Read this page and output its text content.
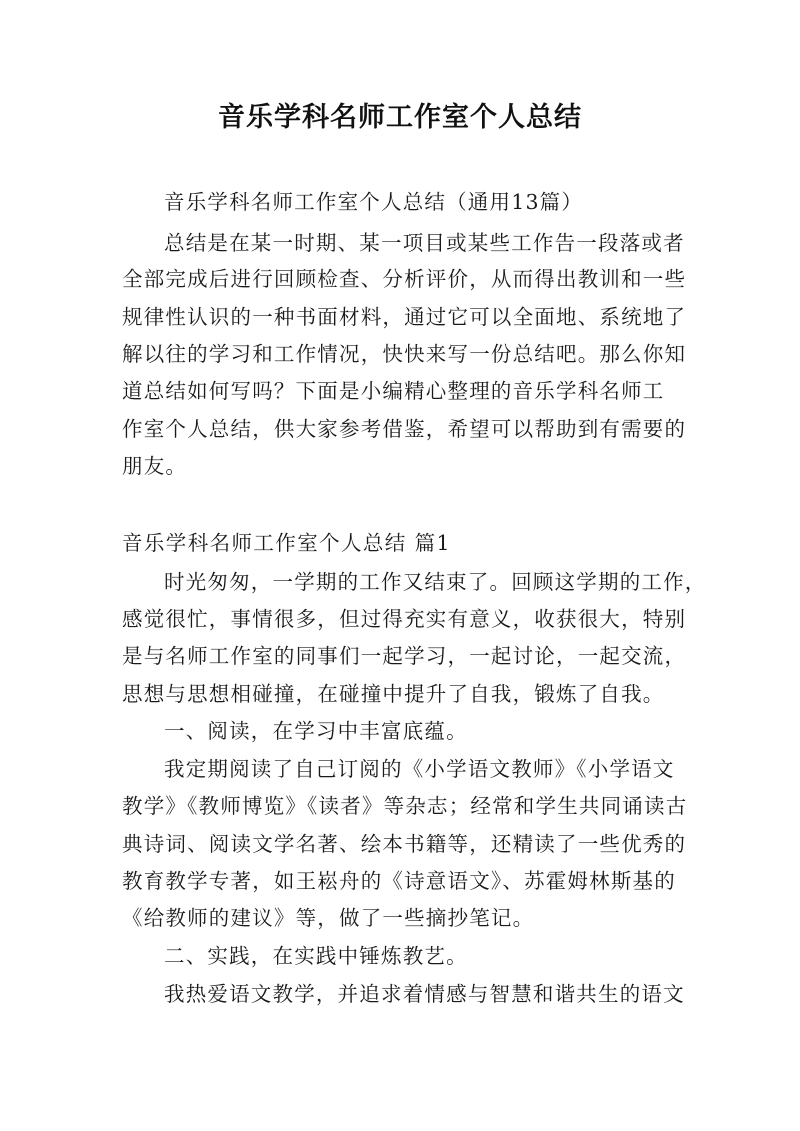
音乐学科名师工作室个人总结
音乐学科名师工作室个人总结（通用13篇）
总结是在某一时期、某一项目或某些工作告一段落或者
全部完成后进行回顾检查、分析评价，从而得出教训和一些
规律性认识的一种书面材料，通过它可以全面地、系统地了
解以往的学习和工作情况，快快来写一份总结吧。那么你知
道总结如何写吗？下面是小编精心整理的音乐学科名师工
作室个人总结，供大家参考借鉴，希望可以帮助到有需要的
朋友。
音乐学科名师工作室个人总结 篇1
时光匆匆，一学期的工作又结束了。回顾这学期的工作，
感觉很忙，事情很多，但过得充实有意义，收获很大，特别
是与名师工作室的同事们一起学习，一起讨论，一起交流，
思想与思想相碰撞，在碰撞中提升了自我，锻炼了自我。
一、阅读，在学习中丰富底蕴。
我定期阅读了自己订阅的《小学语文教师》《小学语文
教学》《教师博览》《读者》等杂志；经常和学生共同诵读古
典诗词、阅读文学名著、绘本书籍等，还精读了一些优秀的
教育教学专著，如王崧舟的《诗意语文》、苏霍姆林斯基的
《给教师的建议》等，做了一些摘抄笔记。
二、实践，在实践中锤炼教艺。
我热爱语文教学，并追求着情感与智慧和谐共生的语文
